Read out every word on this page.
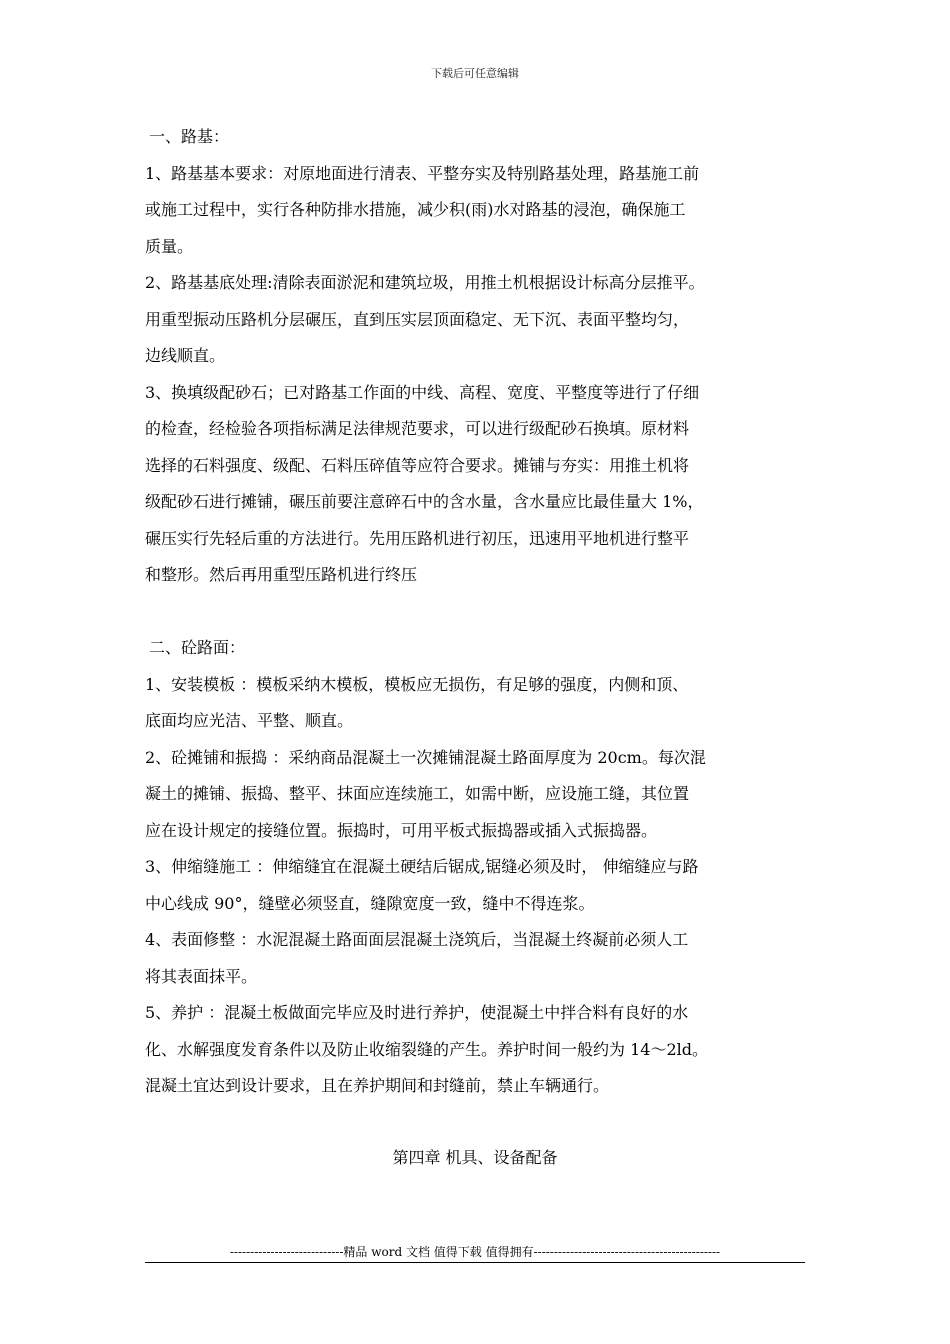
下载后可任意编辑

一、路基：

1、路基基本要求：对原地面进行清表、平整夯实及特别路基处理，路基施工前

或施工过程中，实行各种防排水措施，减少积(雨)水对路基的浸泡，确保施工

质量。

2、路基基底处理:清除表面淤泥和建筑垃圾，用推土机根据设计标高分层推平。

用重型振动压路机分层碾压，直到压实层顶面稳定、无下沉、表面平整均匀，

边线顺直。

3、换填级配砂石；已对路基工作面的中线、高程、宽度、平整度等进行了仔细

的检查，经检验各项指标满足法律规范要求，可以进行级配砂石换填。原材料

选择的石料强度、级配、石料压碎值等应符合要求。摊铺与夯实：用推土机将

级配砂石进行摊铺，碾压前要注意碎石中的含水量，含水量应比最佳量大 1%，

碾压实行先轻后重的方法进行。先用压路机进行初压，迅速用平地机进行整平

和整形。然后再用重型压路机进行终压

二、砼路面：

1、安装模板 ：模板采纳木模板，模板应无损伤，有足够的强度，内侧和顶、

底面均应光洁、平整、顺直。

2、砼摊铺和振捣 ：采纳商品混凝土一次摊铺混凝土路面厚度为 20cm。每次混

凝土的摊铺、振捣、整平、抹面应连续施工，如需中断，应设施工缝，其位置

应在设计规定的接缝位置。振捣时，可用平板式振捣器或插入式振捣器。

3、伸缩缝施工 ：伸缩缝宜在混凝土硬结后锯成,锯缝必须及时， 伸缩缝应与路

中心线成 90°，缝壁必须竖直，缝隙宽度一致，缝中不得连浆。

4、表面修整 ：水泥混凝土路面面层混凝土浇筑后，当混凝土终凝前必须人工

将其表面抹平。

5、养护 ：混凝土板做面完毕应及时进行养护，使混凝土中拌合料有良好的水

化、水解强度发育条件以及防止收缩裂缝的产生。养护时间一般约为 14～2ld。

混凝土宜达到设计要求，且在养护期间和封缝前，禁止车辆通行。

第四章 机具、设备配备
----------------------------精品 word 文档 值得下载 值得拥有----------------------------------------------
